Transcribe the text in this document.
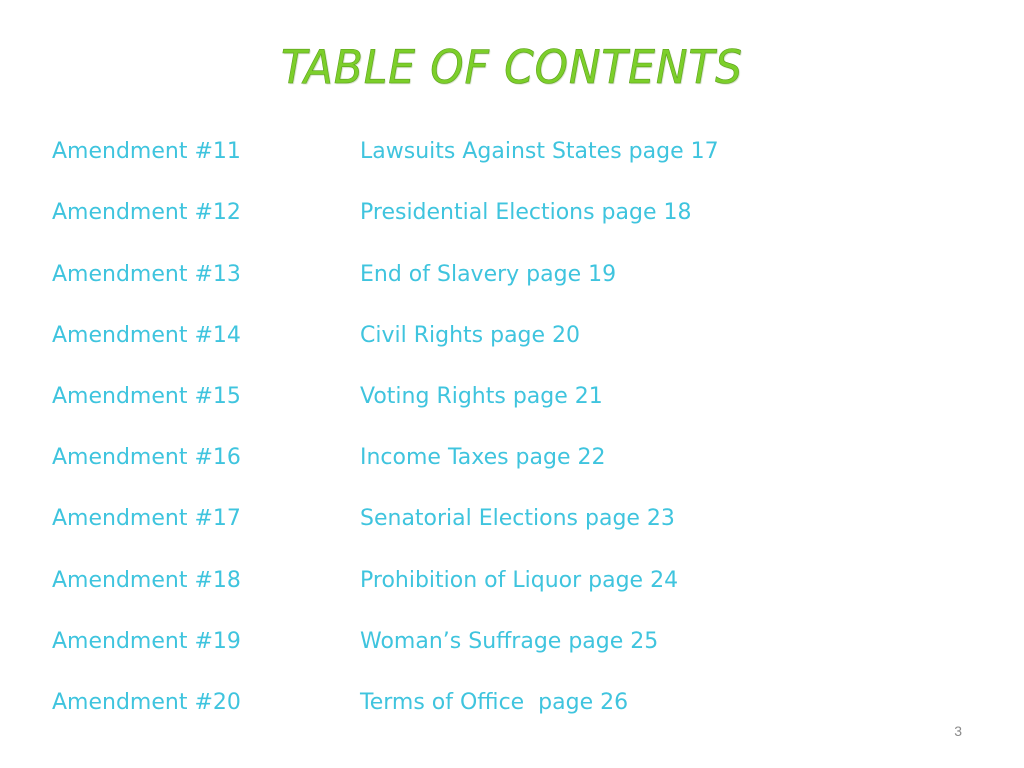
TABLE OF CONTENTS
Amendment #11	Lawsuits Against States page 17
Amendment #12	Presidential Elections page 18
Amendment #13	End of Slavery page 19
Amendment #14	Civil Rights page 20
Amendment #15	Voting Rights page 21
Amendment #16	Income Taxes page 22
Amendment #17	Senatorial Elections page 23
Amendment #18	Prohibition of Liquor page 24
Amendment #19	Woman’s Suffrage page 25
Amendment #20	Terms of Office  page 26
3
